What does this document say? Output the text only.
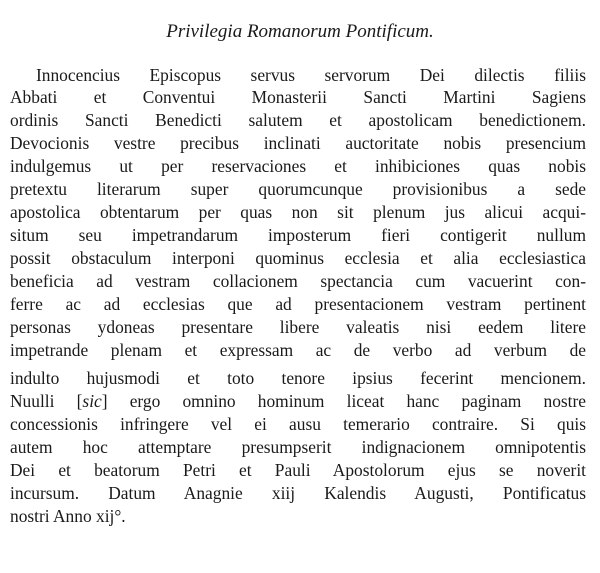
Privilegia Romanorum Pontificum.
Innocencius Episcopus servus servorum Dei dilectis filiis
Abbati et Conventui Monasterii Sancti Martini Sagiens
ordinis Sancti Benedicti salutem et apostolicam benedictionem.
Devocionis vestre precibus inclinati auctoritate nobis presencium
indulgemus ut per reservaciones et inhibiciones quas nobis
pretextu literarum super quorumcunque provisionibus a sede
apostolica obtentarum per quas non sit plenum jus alicui acqui-
situm seu impetrandarum imposterum fieri contigerit nullum
possit obstaculum interponi quominus ecclesia et alia ecclesiastica
beneficia ad vestram collacionem spectancia cum vacuerint con-
ferre ac ad ecclesias que ad presentacionem vestram pertinent
personas ydoneas presentare libere valeatis nisi eedem litere
impetrande plenam et expressam ac de verbo ad verbum de
indulto hujusmodi et toto tenore ipsius fecerint mencionem.
Nuulli [sic] ergo omnino hominum liceat hanc paginam nostre
concessionis infringere vel ei ausu temerario contraire. Si quis
autem hoc attemptare presumpserit indignacionem omnipotentis
Dei et beatorum Petri et Pauli Apostolorum ejus se noverit
incursum. Datum Anagnie xiij Kalendis Augusti, Pontificatus
nostri Anno xij°.
